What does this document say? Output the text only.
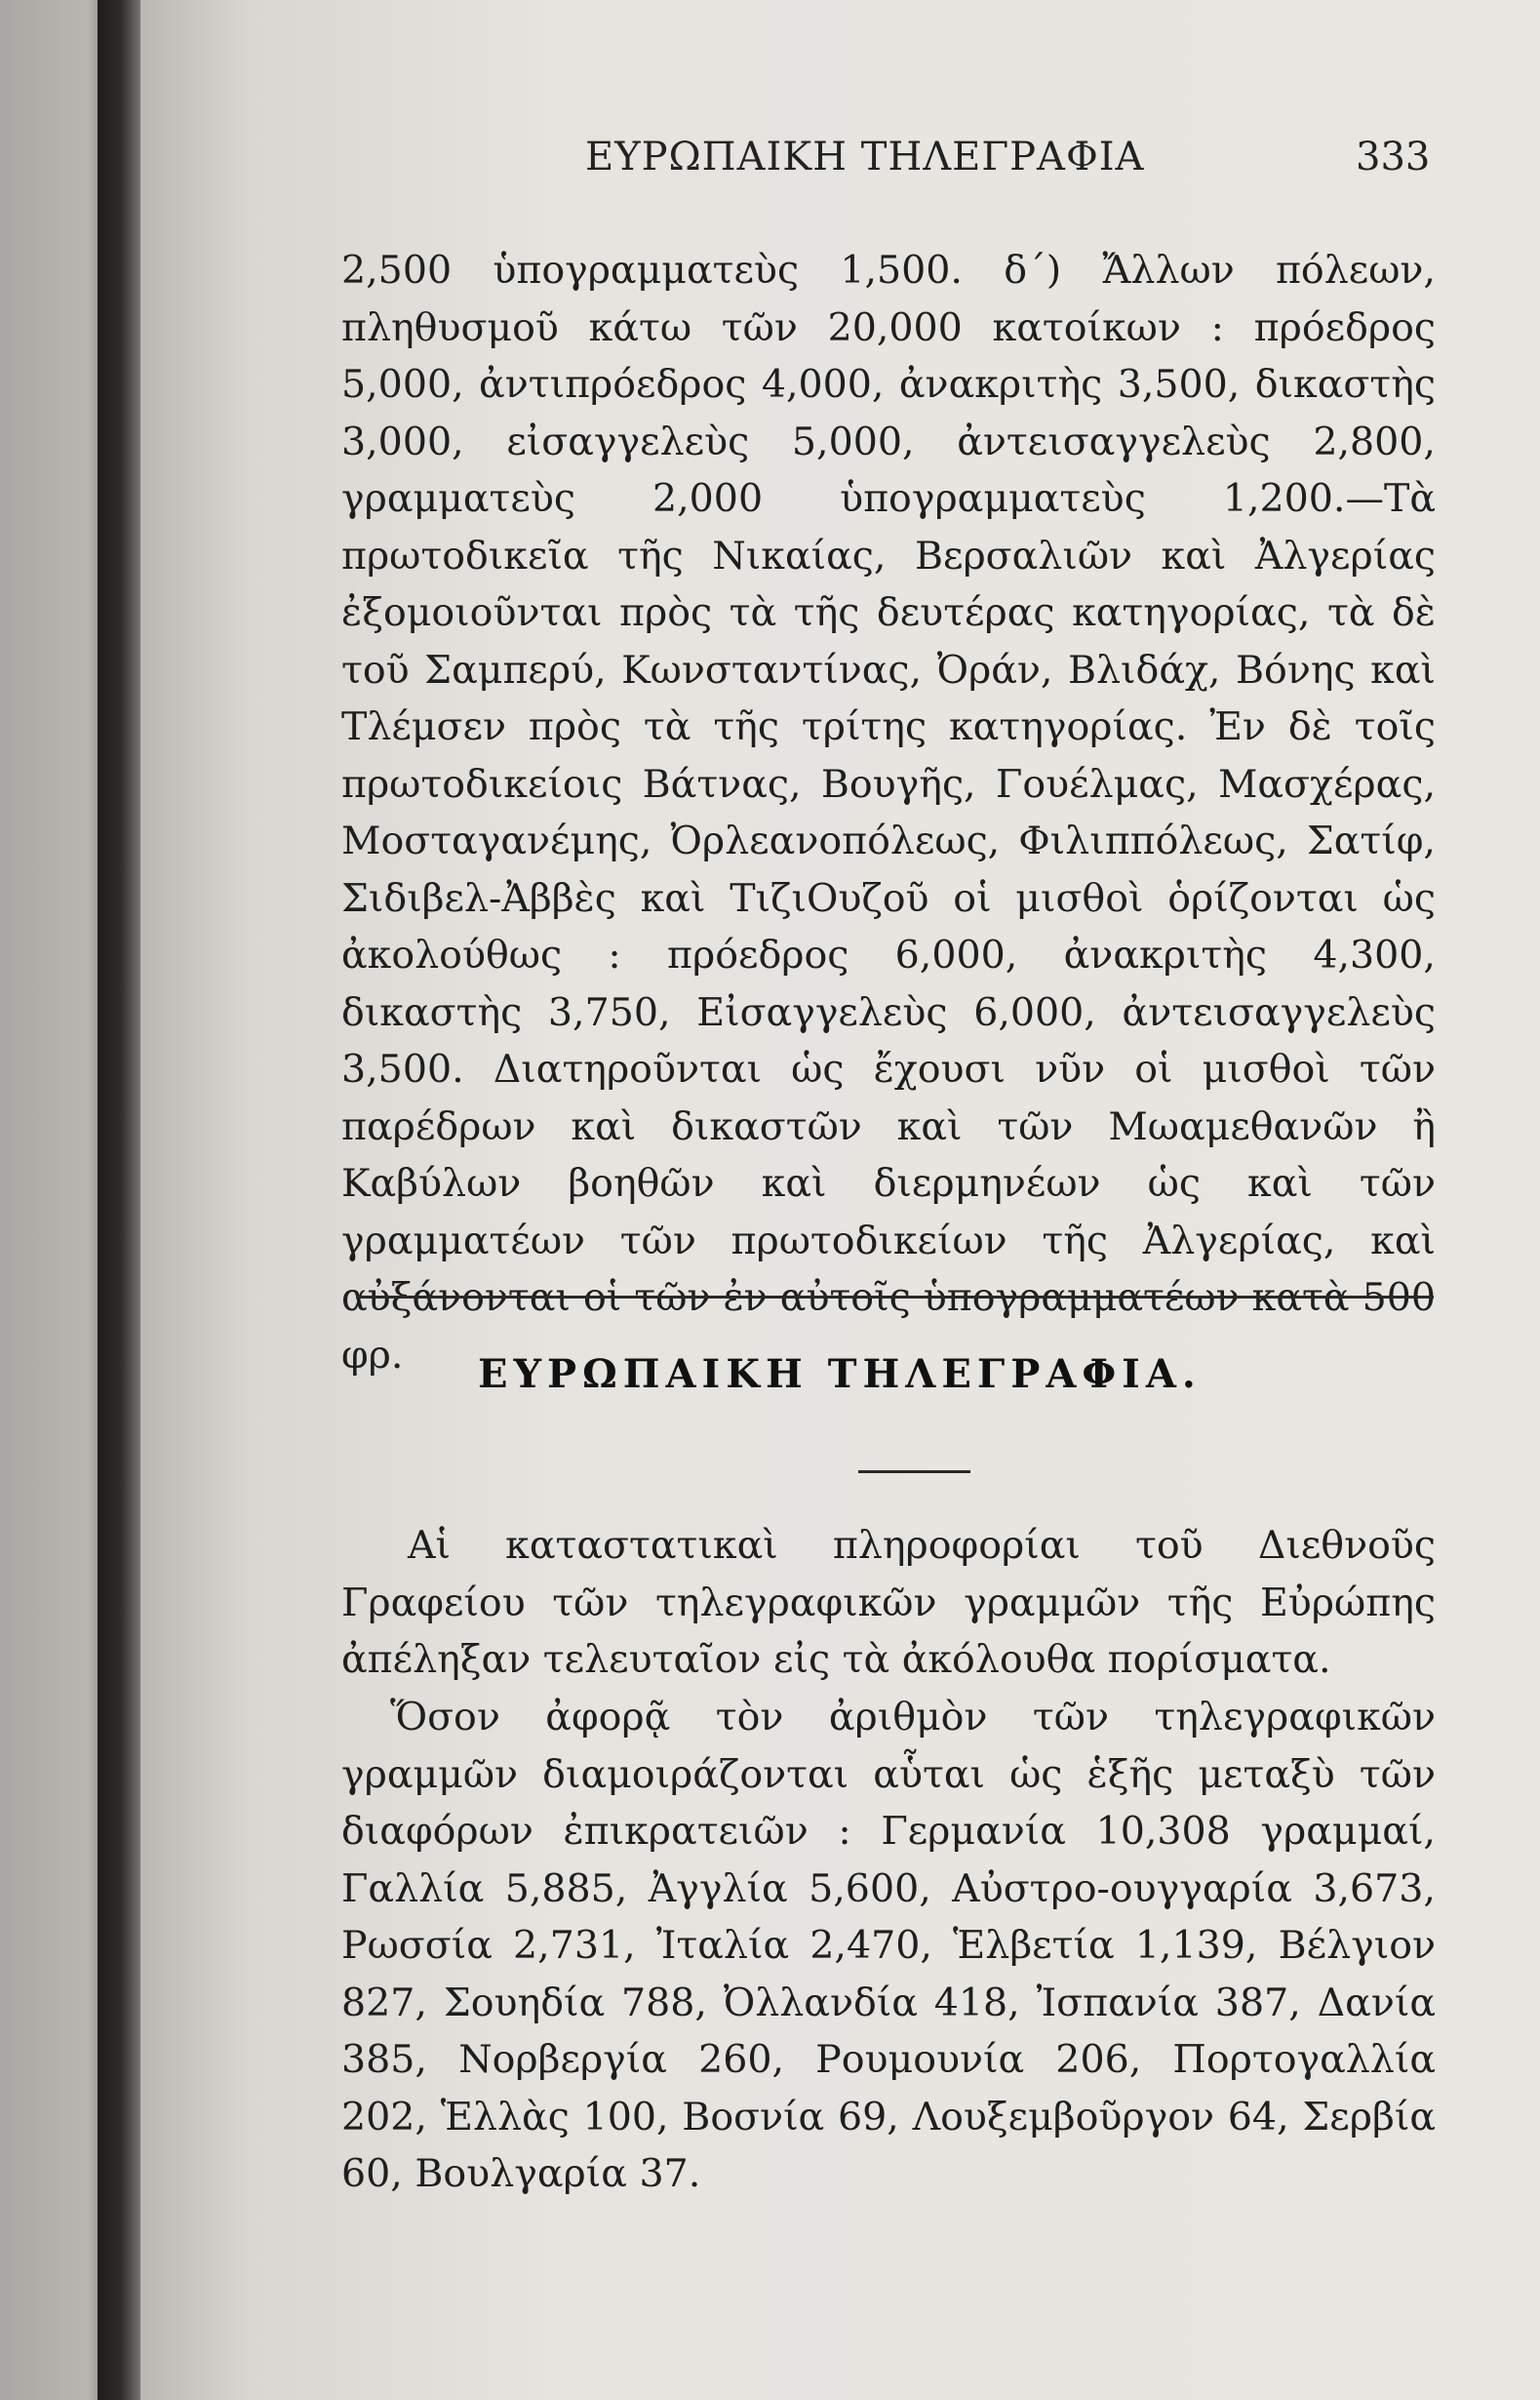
ΕΥΡΩΠΑΙΚΗ ΤΗΛΕΓΡΑΦΙΑ	333
2,500 ὑπογραμματεὺς 1,500. δ΄) Ἄλλων πόλεων, πληθυσμοῦ κάτω τῶν 20,000 κατοίκων : πρόεδρος 5,000, ἀντιπρόεδρος 4,000, ἀνακριτὴς 3,500, δικαστὴς 3,000, εἰσαγγελεὺς 5,000, ἀντεισαγγελεὺς 2,800, γραμματεὺς 2,000 ὑπογραμματεὺς 1,200.—Τὰ πρωτοδικεῖα τῆς Νικαίας, Βερσαλιῶν καὶ Ἀλγερίας ἐξομοιοῦνται πρὸς τὰ τῆς δευτέρας κατηγορίας, τὰ δὲ τοῦ Σαμπερύ, Κωνσταντίνας, Ὀράν, Βλιδάχ, Βόνης καὶ Τλέμσεν πρὸς τὰ τῆς τρίτης κατηγορίας. Ἐν δὲ τοῖς πρωτοδικείοις Βάτνας, Βουγῆς, Γουέλμας, Μασχέρας, Μοσταγανέμης, Ὀρλεανοπόλεως, Φιλιππόλεως, Σατίφ, Σιδιβελ-Ἀββὲς καὶ ΤιζιΟυζοῦ οἱ μισθοὶ ὁρίζονται ὡς ἀκολούθως : πρόεδρος 6,000, ἀνακριτὴς 4,300, δικαστὴς 3,750, Εἰσαγγελεὺς 6,000, ἀντεισαγγελεὺς 3,500. Διατηροῦνται ὡς ἔχουσι νῦν οἱ μισθοὶ τῶν παρέδρων καὶ δικαστῶν καὶ τῶν Μωαμεθανῶν ἢ Καβύλων βοηθῶν καὶ διερμηνέων ὡς καὶ τῶν γραμματέων τῶν πρωτοδικείων τῆς Ἀλγερίας, καὶ αὐξάνονται οἱ τῶν ἐν αὐτοῖς ὑπογραμματέων κατὰ 500 φρ.	ΕΥΡΩΠΑΙΚΗ ΤΗΛΕΓΡΑΦΙΑ.
Αἱ καταστατικαὶ πληροφορίαι τοῦ Διεθνοῦς Γραφείου τῶν τηλεγραφικῶν γραμμῶν τῆς Εὐρώπης ἀπέληξαν τελευταῖον εἰς τὰ ἀκόλουθα πορίσματα.
Ὅσον ἀφορᾷ τὸν ἀριθμὸν τῶν τηλεγραφικῶν γραμμῶν διαμοιράζονται αὗται ὡς ἑξῆς μεταξὺ τῶν διαφόρων ἐπικρατειῶν : Γερμανία 10,308 γραμμαί, Γαλλία 5,885, Ἀγγλία 5,600, Αὐστρο-ουγγαρία 3,673, Ρωσσία 2,731, Ἰταλία 2,470, Ἑλβετία 1,139, Βέλγιον 827, Σουηδία 788, Ὀλλανδία 418, Ἰσπανία 387, Δανία 385, Νορβεργία 260, Ρουμουνία 206, Πορτογαλλία 202, Ἑλλὰς 100, Βοσνία 69, Λουξεμβοῦργον 64, Σερβία 60, Βουλγαρία 37.
